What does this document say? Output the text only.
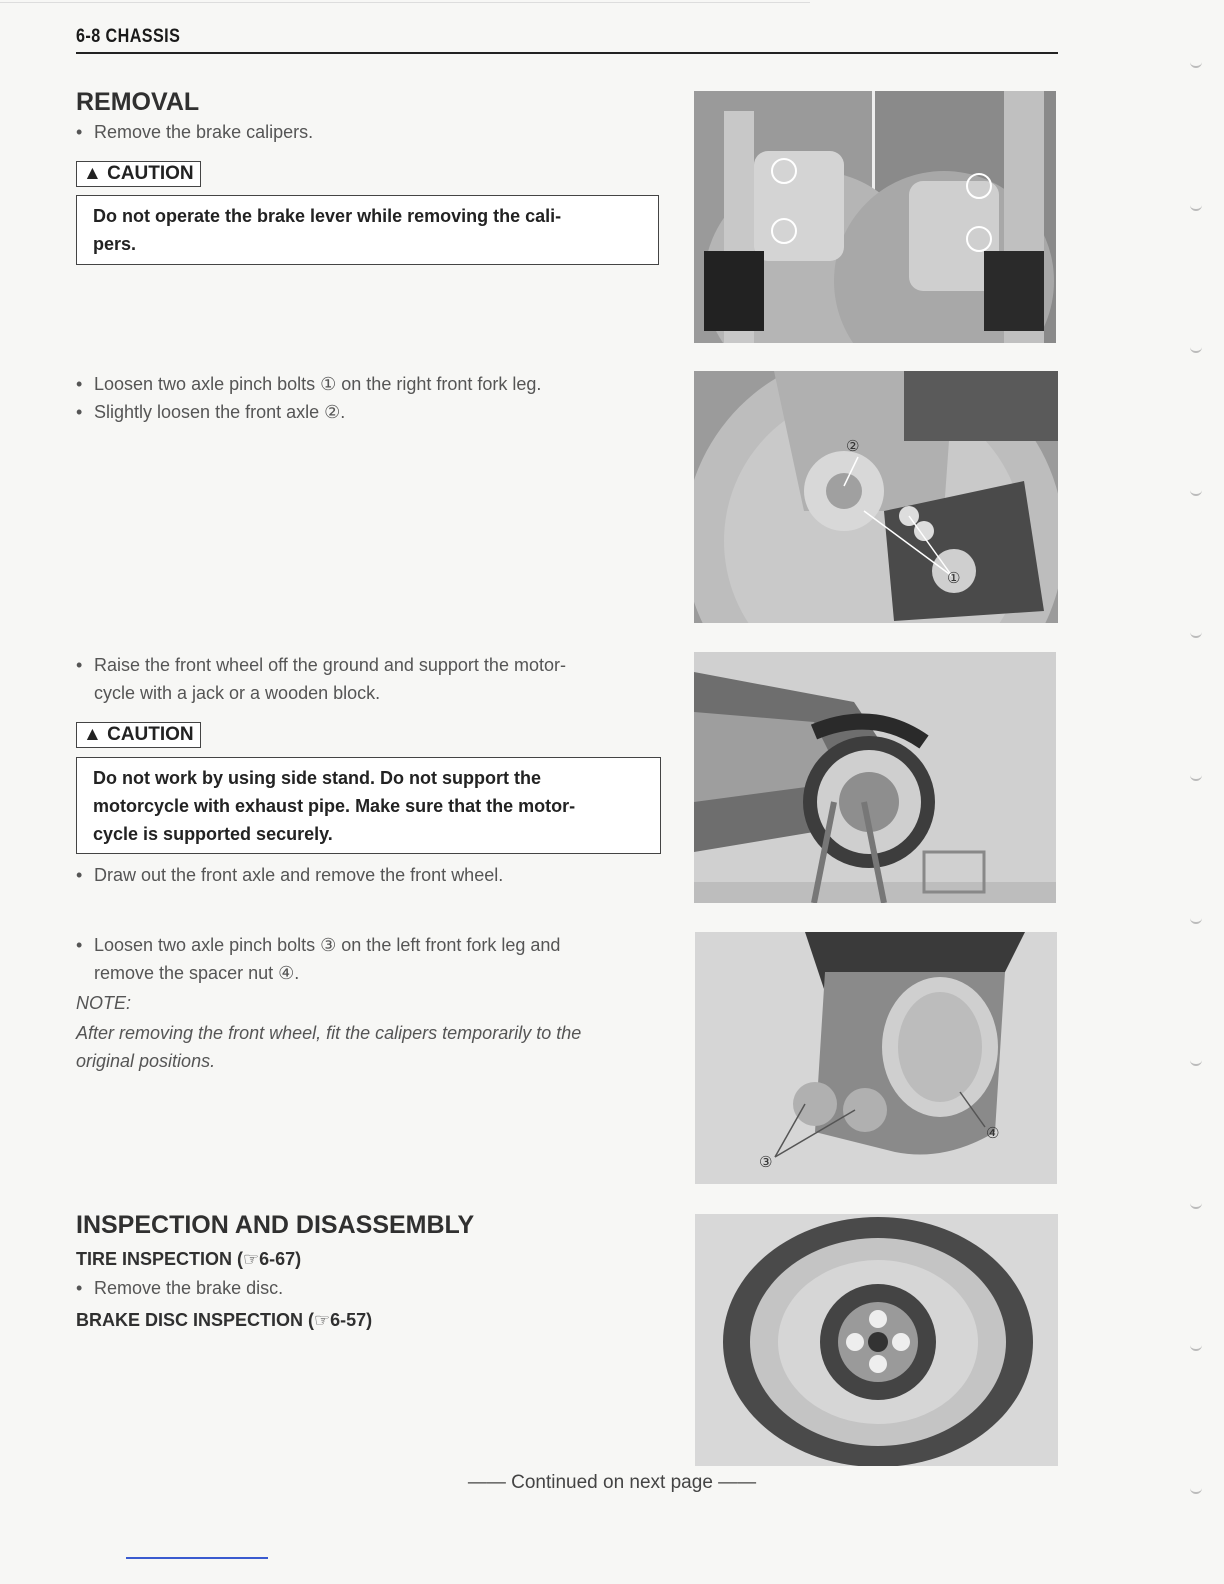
6-8 CHASSIS
REMOVAL
• Remove the brake calipers.
▲ CAUTION
Do not operate the brake lever while removing the cali-
pers.
• Loosen two axle pinch bolts ① on the right front fork leg.
• Slightly loosen the front axle ②.
• Raise the front wheel off the ground and support the motor-
cycle with a jack or a wooden block.
▲ CAUTION
Do not work by using side stand. Do not support the
motorcycle with exhaust pipe. Make sure that the motor-
cycle is supported securely.
• Draw out the front axle and remove the front wheel.
• Loosen two axle pinch bolts ③ on the left front fork leg and
remove the spacer nut ④.
NOTE:
After removing the front wheel, fit the calipers temporarily to the
original positions.
INSPECTION AND DISASSEMBLY
TIRE INSPECTION (☞6-67)
• Remove the brake disc.
BRAKE DISC INSPECTION (☞6-57)
②
①
③
④
—— Continued on next page ——
